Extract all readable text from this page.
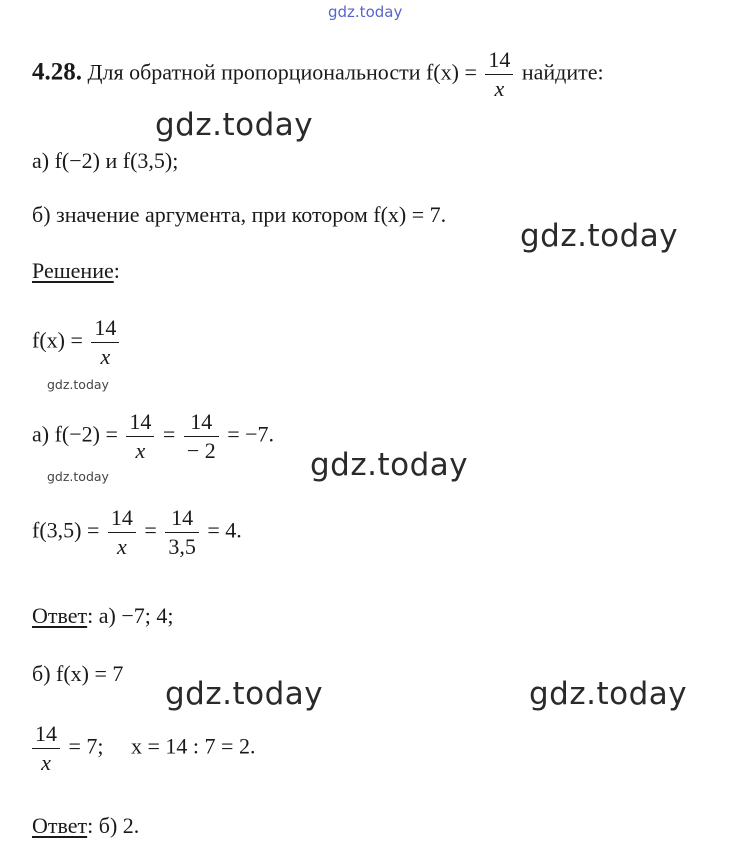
gdz.today
4.28. Для обратной пропорциональности $f(x) = \frac{14}{x}$ найдите:
gdz.today
а) f(−2) и f(3,5);
б) значение аргумента, при котором f(x) = 7.
gdz.today
Решение:
$f(x) = \frac{14}{x}$
gdz.today
а) $f(-2) = \frac{14}{x} = \frac{14}{- 2} = -7$.
gdz.today
gdz.today
$f(3,5) = \frac{14}{x} = \frac{14}{3,5} = 4$.
Ответ: а) −7; 4;
б) f(x) = 7
gdz.today	gdz.today
$\frac{14}{x} = 7$;     x = 14 : 7 = 2.
Ответ: б) 2.
